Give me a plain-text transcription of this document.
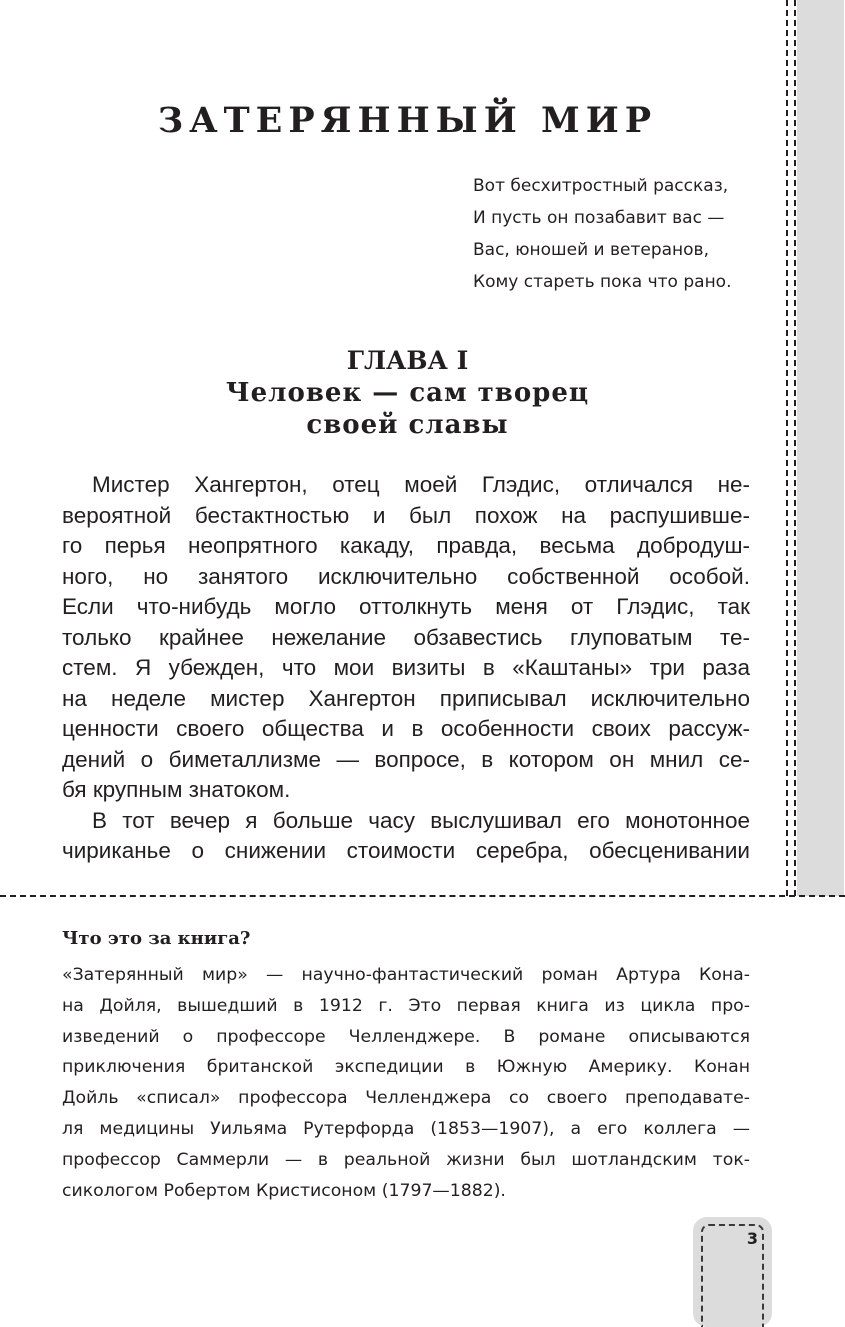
ЗАТЕРЯННЫЙ МИР
Вот бесхитростный рассказ,
И пусть он позабавит вас —
Вас, юношей и ветеранов,
Кому стареть пока что рано.
ГЛАВА I
Человек — сам творец
своей славы
Мистер Хангертон, отец моей Глэдис, отличался не-
вероятной бестактностью и был похож на распушивше-
го перья неопрятного какаду, правда, весьма добродуш-
ного, но занятого исключительно собственной особой.
Если что-нибудь могло оттолкнуть меня от Глэдис, так
только крайнее нежелание обзавестись глуповатым те-
стем. Я убежден, что мои визиты в «Каштаны» три раза
на неделе мистер Хангертон приписывал исключительно
ценности своего общества и в особенности своих рассуж-
дений о биметаллизме — вопросе, в котором он мнил се-
бя крупным знатоком.
В тот вечер я больше часу выслушивал его монотонное
чириканье о снижении стоимости серебра, обесценивании
Что это за книга?
«Затерянный мир» — научно-фантастический роман Артура Кона-
на Дойля, вышедший в 1912 г. Это первая книга из цикла про-
изведений о профессоре Челленджере. В романе описываются
приключения британской экспедиции в Южную Америку. Конан
Дойль «списал» профессора Челленджера со своего преподавате-
ля медицины Уильяма Рутерфорда (1853—1907), а его коллега —
профессор Саммерли — в реальной жизни был шотландским ток-
сикологом Робертом Кристисоном (1797—1882).
3
